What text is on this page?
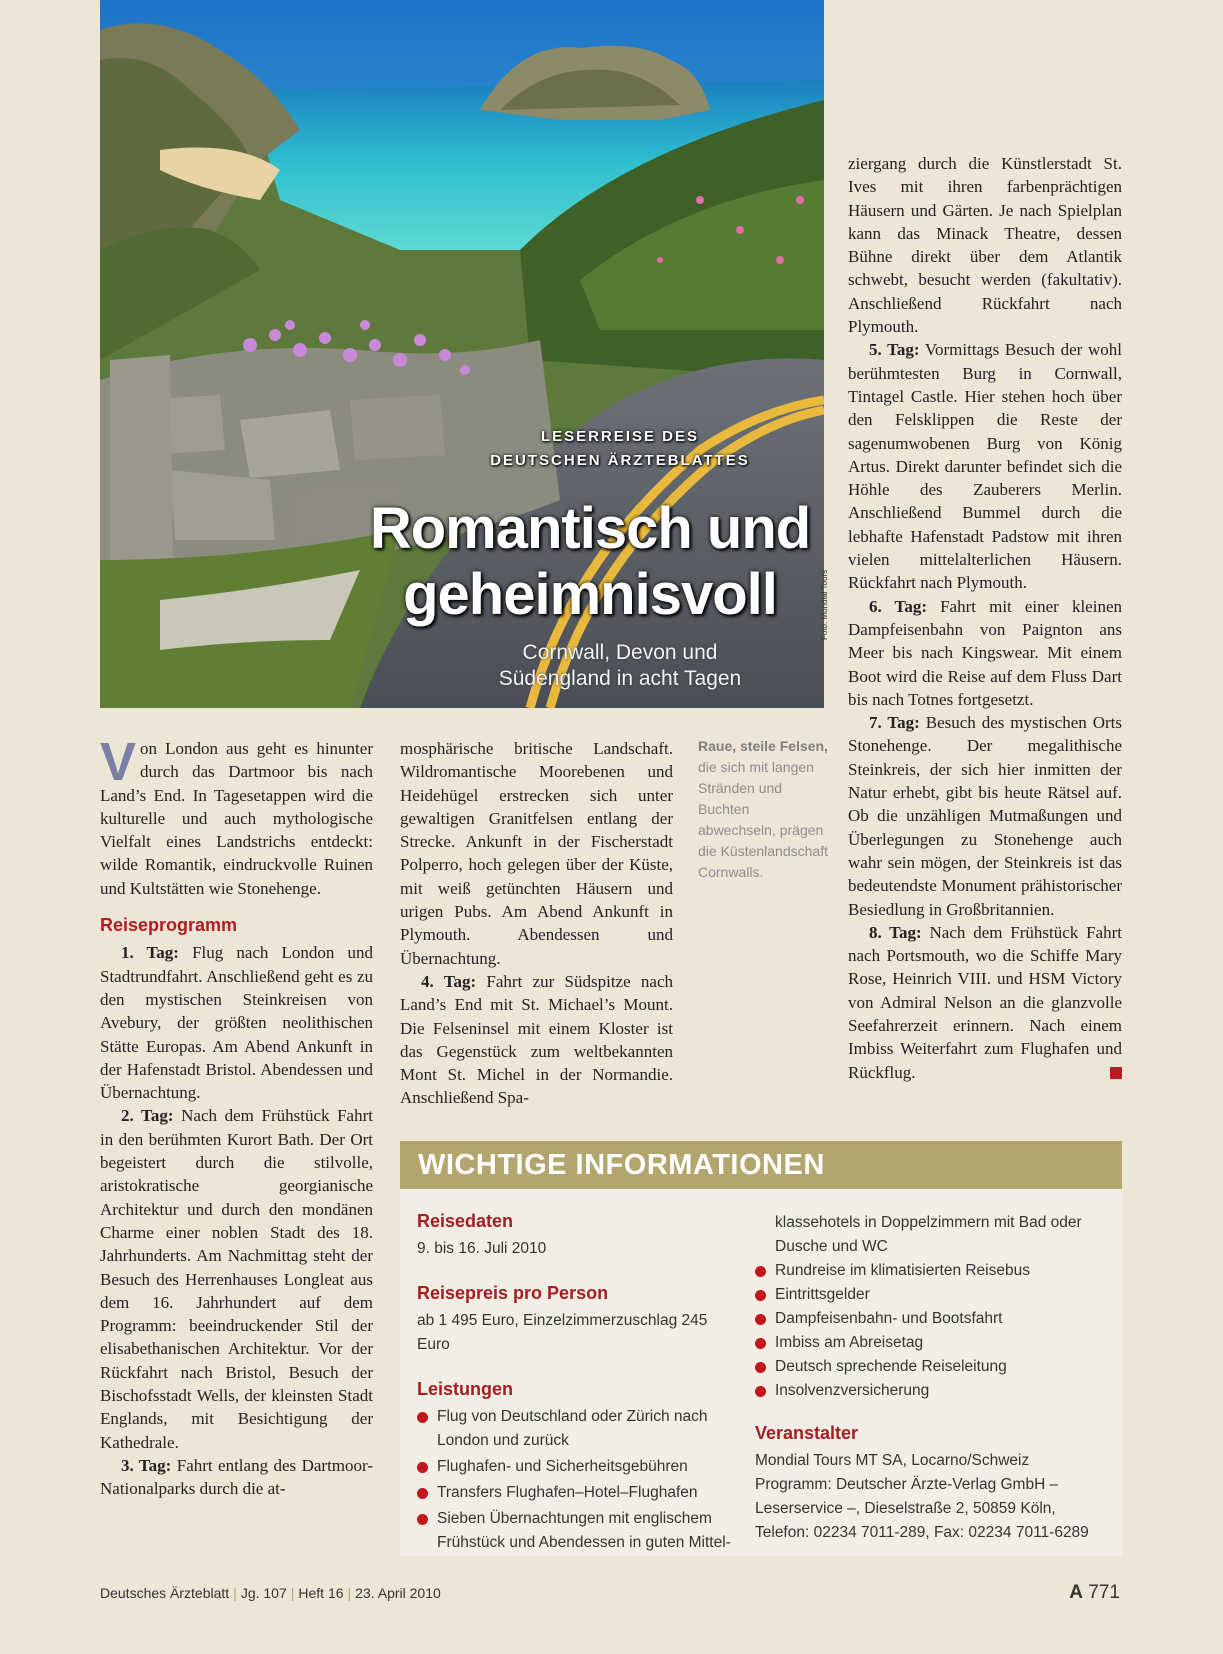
LESERREISE DES
DEUTSCHEN ÄRZTEBLATTES
Romantisch und
geheimnisvoll
Cornwall, Devon und
Südengland in acht Tagen
Foto: Mondial Tours

Von London aus geht es hinunter durch das Dartmoor bis nach Land’s End. In Tagesetappen wird die kulturelle und auch mythologische Vielfalt eines Landstrichs entdeckt: wilde Romantik, eindruckvolle Ruinen und Kultstätten wie Stonehenge.

Reiseprogramm

1. Tag: Flug nach London und Stadtrundfahrt. Anschließend geht es zu den mystischen Steinkreisen von Avebury, der größten neolithischen Stätte Europas. Am Abend Ankunft in der Hafenstadt Bristol. Abendessen und Übernachtung.

2. Tag: Nach dem Frühstück Fahrt in den berühmten Kurort Bath. Der Ort begeistert durch die stilvolle, aristokratische georgianische Architektur und durch den mondänen Charme einer noblen Stadt des 18. Jahrhunderts. Am Nachmittag steht der Besuch des Herrenhauses Longleat aus dem 16. Jahrhundert auf dem Programm: beeindruckender Stil der elisabethanischen Architektur. Vor der Rückfahrt nach Bristol, Besuch der Bischofsstadt Wells, der kleinsten Stadt Englands, mit Besichtigung der Kathedrale.

3. Tag: Fahrt entlang des Dartmoor-Nationalparks durch die at-

mosphärische britische Landschaft. Wildromantische Moorebenen und Heidehügel erstrecken sich unter gewaltigen Granitfelsen entlang der Strecke. Ankunft in der Fischerstadt Polperro, hoch gelegen über der Küste, mit weiß getünchten Häusern und urigen Pubs. Am Abend Ankunft in Plymouth. Abendessen und Übernachtung.

4. Tag: Fahrt zur Südspitze nach Land’s End mit St. Michael’s Mount. Die Felseninsel mit einem Kloster ist das Gegenstück zum weltbekannten Mont St. Michel in der Normandie. Anschließend Spa-

Raue, steile Felsen, die sich mit langen Stränden und Buchten abwechseln, prägen die Küstenlandschaft Cornwalls.

ziergang durch die Künstlerstadt St. Ives mit ihren farbenprächtigen Häusern und Gärten. Je nach Spielplan kann das Minack Theatre, dessen Bühne direkt über dem Atlantik schwebt, besucht werden (fakultativ). Anschließend Rückfahrt nach Plymouth.

5. Tag: Vormittags Besuch der wohl berühmtesten Burg in Cornwall, Tintagel Castle. Hier stehen hoch über den Felsklippen die Reste der sagenumwobenen Burg von König Artus. Direkt darunter befindet sich die Höhle des Zauberers Merlin. Anschließend Bummel durch die lebhafte Hafenstadt Padstow mit ihren vielen mittelalterlichen Häusern. Rückfahrt nach Plymouth.

6. Tag: Fahrt mit einer kleinen Dampfeisenbahn von Paignton ans Meer bis nach Kingswear. Mit einem Boot wird die Reise auf dem Fluss Dart bis nach Totnes fortgesetzt.

7. Tag: Besuch des mystischen Orts Stonehenge. Der megalithische Steinkreis, der sich hier inmitten der Natur erhebt, gibt bis heute Rätsel auf. Ob die unzähligen Mutmaßungen und Überlegungen zu Stonehenge auch wahr sein mögen, der Steinkreis ist das bedeutendste Monument prähistorischer Besiedlung in Großbritannien.

8. Tag: Nach dem Frühstück Fahrt nach Portsmouth, wo die Schiffe Mary Rose, Heinrich VIII. und HSM Victory von Admiral Nelson an die glanzvolle Seefahrerzeit erinnern. Nach einem Imbiss Weiterfahrt zum Flughafen und Rückflug.

WICHTIGE INFORMATIONEN
Reisedaten
9. bis 16. Juli 2010
Reisepreis pro Person
ab 1 495 Euro, Einzelzimmerzuschlag 245 Euro
Leistungen
Flug von Deutschland oder Zürich nach London und zurück
Flughafen- und Sicherheitsgebühren
Transfers Flughafen–Hotel–Flughafen
Sieben Übernachtungen mit englischem Frühstück und Abendessen in guten Mittel-
klassehotels in Doppelzimmern mit Bad oder Dusche und WC
Rundreise im klimatisierten Reisebus
Eintrittsgelder
Dampfeisenbahn- und Bootsfahrt
Imbiss am Abreisetag
Deutsch sprechende Reiseleitung
Insolvenzversicherung
Veranstalter
Mondial Tours MT SA, Locarno/Schweiz
Programm: Deutscher Ärzte-Verlag GmbH – Leserservice –, Dieselstraße 2, 50859 Köln, Telefon: 02234 7011-289, Fax: 02234 7011-6289
Deutsches Ärzteblatt | Jg. 107 | Heft 16 | 23. April 2010	A 771
